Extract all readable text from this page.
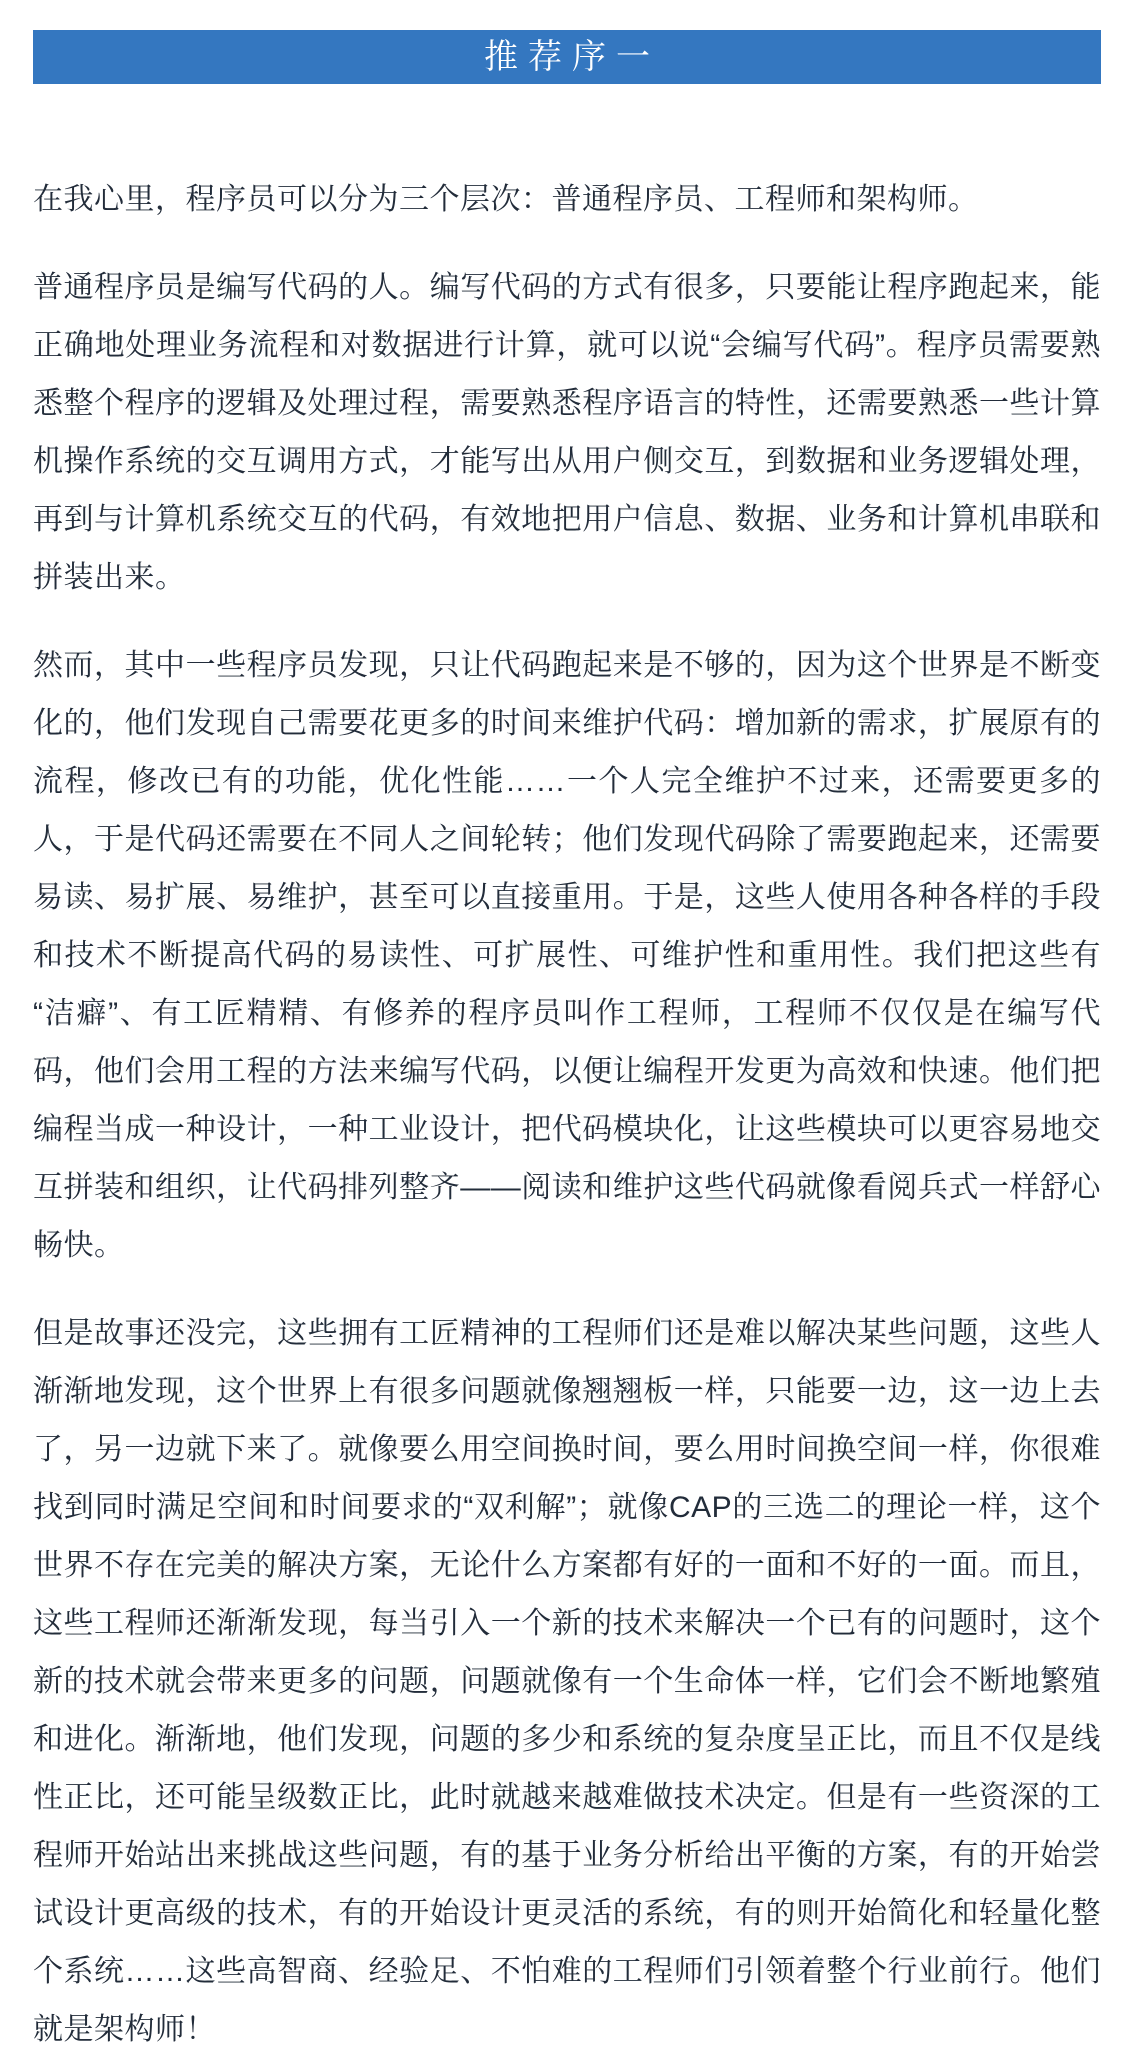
推荐序一

在我心里，程序员可以分为三个层次：普通程序员、工程师和架构师。

普通程序员是编写代码的人。编写代码的方式有很多，只要能让程序跑起来，能正确地处理业务流程和对数据进行计算，就可以说“会编写代码”。程序员需要熟悉整个程序的逻辑及处理过程，需要熟悉程序语言的特性，还需要熟悉一些计算机操作系统的交互调用方式，才能写出从用户侧交互，到数据和业务逻辑处理，再到与计算机系统交互的代码，有效地把用户信息、数据、业务和计算机串联和拼装出来。

然而，其中一些程序员发现，只让代码跑起来是不够的，因为这个世界是不断变化的，他们发现自己需要花更多的时间来维护代码：增加新的需求，扩展原有的流程，修改已有的功能，优化性能……一个人完全维护不过来，还需要更多的人，于是代码还需要在不同人之间轮转；他们发现代码除了需要跑起来，还需要易读、易扩展、易维护，甚至可以直接重用。于是，这些人使用各种各样的手段和技术不断提高代码的易读性、可扩展性、可维护性和重用性。我们把这些有“洁癖”、有工匠精精、有修养的程序员叫作工程师，工程师不仅仅是在编写代码，他们会用工程的方法来编写代码，以便让编程开发更为高效和快速。他们把编程当成一种设计，一种工业设计，把代码模块化，让这些模块可以更容易地交互拼装和组织，让代码排列整齐——阅读和维护这些代码就像看阅兵式一样舒心畅快。

但是故事还没完，这些拥有工匠精神的工程师们还是难以解决某些问题，这些人渐渐地发现，这个世界上有很多问题就像翘翘板一样，只能要一边，这一边上去了，另一边就下来了。就像要么用空间换时间，要么用时间换空间一样，你很难找到同时满足空间和时间要求的“双利解”；就像CAP的三选二的理论一样，这个世界不存在完美的解决方案，无论什么方案都有好的一面和不好的一面。而且，这些工程师还渐渐发现，每当引入一个新的技术来解决一个已有的问题时，这个新的技术就会带来更多的问题，问题就像有一个生命体一样，它们会不断地繁殖和进化。渐渐地，他们发现，问题的多少和系统的复杂度呈正比，而且不仅是线性正比，还可能呈级数正比，此时就越来越难做技术决定。但是有一些资深的工程师开始站出来挑战这些问题，有的基于业务分析给出平衡的方案，有的开始尝试设计更高级的技术，有的开始设计更灵活的系统，有的则开始简化和轻量化整个系统……这些高智商、经验足、不怕难的工程师们引领着整个行业前行。他们就是架构师！
